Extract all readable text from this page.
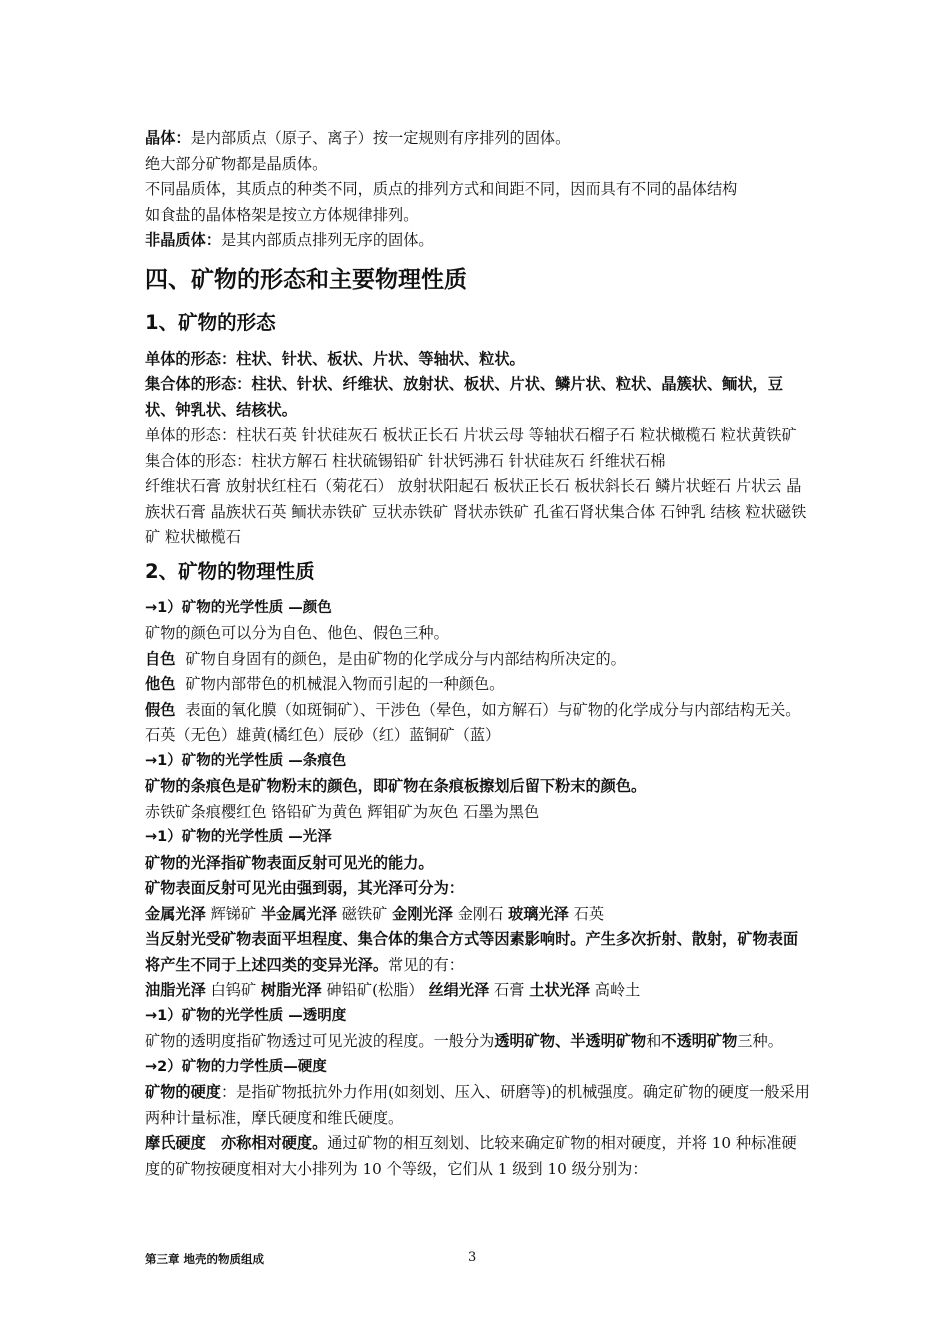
晶体：是内部质点（原子、离子）按一定规则有序排列的固体。

绝大部分矿物都是晶质体。

不同晶质体，其质点的种类不同，质点的排列方式和间距不同，因而具有不同的晶体结构

如食盐的晶体格架是按立方体规律排列。

非晶质体：是其内部质点排列无序的固体。

四、矿物的形态和主要物理性质
1、矿物的形态

单体的形态：柱状、针状、板状、片状、等轴状、粒状。

集合体的形态：柱状、针状、纤维状、放射状、板状、片状、鳞片状、粒状、晶簇状、鲕状，豆状、钟乳状、结核状。

单体的形态：柱状石英 针状硅灰石 板状正长石 片状云母 等轴状石榴子石 粒状橄榄石 粒状黄铁矿

集合体的形态：柱状方解石 柱状硫锡铅矿 针状钙沸石 针状硅灰石 纤维状石棉

纤维状石膏 放射状红柱石（菊花石） 放射状阳起石 板状正长石 板状斜长石 鳞片状蛭石 片状云 晶族状石膏 晶族状石英 鲕状赤铁矿 豆状赤铁矿 肾状赤铁矿 孔雀石肾状集合体 石钟乳 结核 粒状磁铁矿 粒状橄榄石

2、矿物的物理性质

→1）矿物的光学性质 —颜色

矿物的颜色可以分为自色、他色、假色三种。

自色 矿物自身固有的颜色，是由矿物的化学成分与内部结构所决定的。

他色 矿物内部带色的机械混入物而引起的一种颜色。

假色 表面的氧化膜（如斑铜矿）、干涉色（晕色，如方解石）与矿物的化学成分与内部结构无关。 石英（无色）雄黄(橘红色）辰砂（红）蓝铜矿（蓝）

→1）矿物的光学性质 —条痕色

矿物的条痕色是矿物粉末的颜色，即矿物在条痕板擦划后留下粉末的颜色。

赤铁矿条痕樱红色 铬铅矿为黄色 辉钼矿为灰色 石墨为黑色

→1）矿物的光学性质 —光泽

矿物的光泽指矿物表面反射可见光的能力。

矿物表面反射可见光由强到弱，其光泽可分为：

金属光泽 辉锑矿 半金属光泽 磁铁矿 金刚光泽 金刚石 玻璃光泽 石英

当反射光受矿物表面平坦程度、集合体的集合方式等因素影响时。产生多次折射、散射，矿物表面将产生不同于上述四类的变异光泽。常见的有：

油脂光泽 白钨矿 树脂光泽 砷铅矿(松脂） 丝绢光泽 石膏 土状光泽 高岭土

→1）矿物的光学性质 —透明度

矿物的透明度指矿物透过可见光波的程度。一般分为透明矿物、半透明矿物和不透明矿物三种。

→2）矿物的力学性质—硬度

矿物的硬度：是指矿物抵抗外力作用(如刻划、压入、研磨等)的机械强度。确定矿物的硬度一般采用两种计量标准，摩氏硬度和维氏硬度。

摩氏硬度　亦称相对硬度。通过矿物的相互刻划、比较来确定矿物的相对硬度，并将 10 种标准硬度的矿物按硬度相对大小排列为 10 个等级，它们从 1 级到 10 级分别为：

第三章 地壳的物质组成	3
